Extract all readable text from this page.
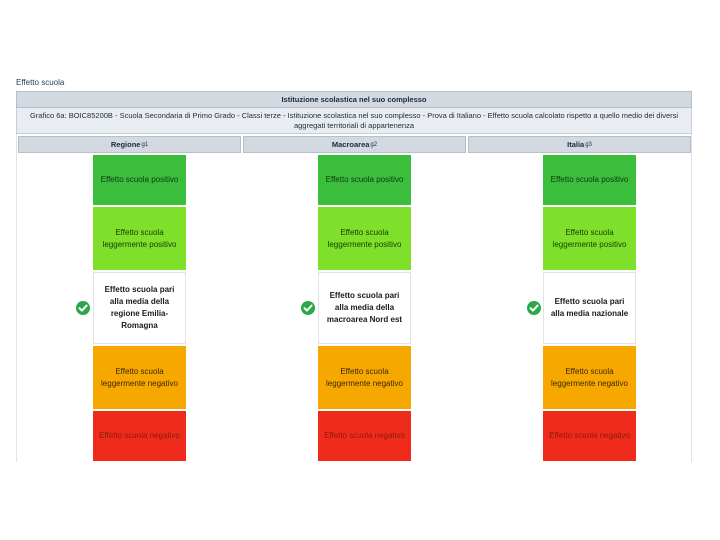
Effetto scuola
Istituzione scolastica nel suo complesso
Grafico 6a: BOIC85200B - Scuola Secondaria di Primo Grado - Classi terze - Istituzione scolastica nel suo complesso - Prova di Italiano - Effetto scuola calcolato rispetto a quello medio dei diversi aggregati territoriali di appartenenza
Regione g1	Macroarea g2	Italia g3
Effetto scuola positivo
Effetto scuola leggermente positivo
Effetto scuola pari alla media della regione Emilia-Romagna
Effetto scuola leggermente negativo
Effetto scuola negativo
Effetto scuola positivo
Effetto scuola leggermente positivo
Effetto scuola pari alla media della macroarea Nord est
Effetto scuola leggermente negativo
Effetto scuola negativo
Effetto scuola positivo
Effetto scuola leggermente positivo
Effetto scuola pari alla media nazionale
Effetto scuola leggermente negativo
Effetto scuola negativo
